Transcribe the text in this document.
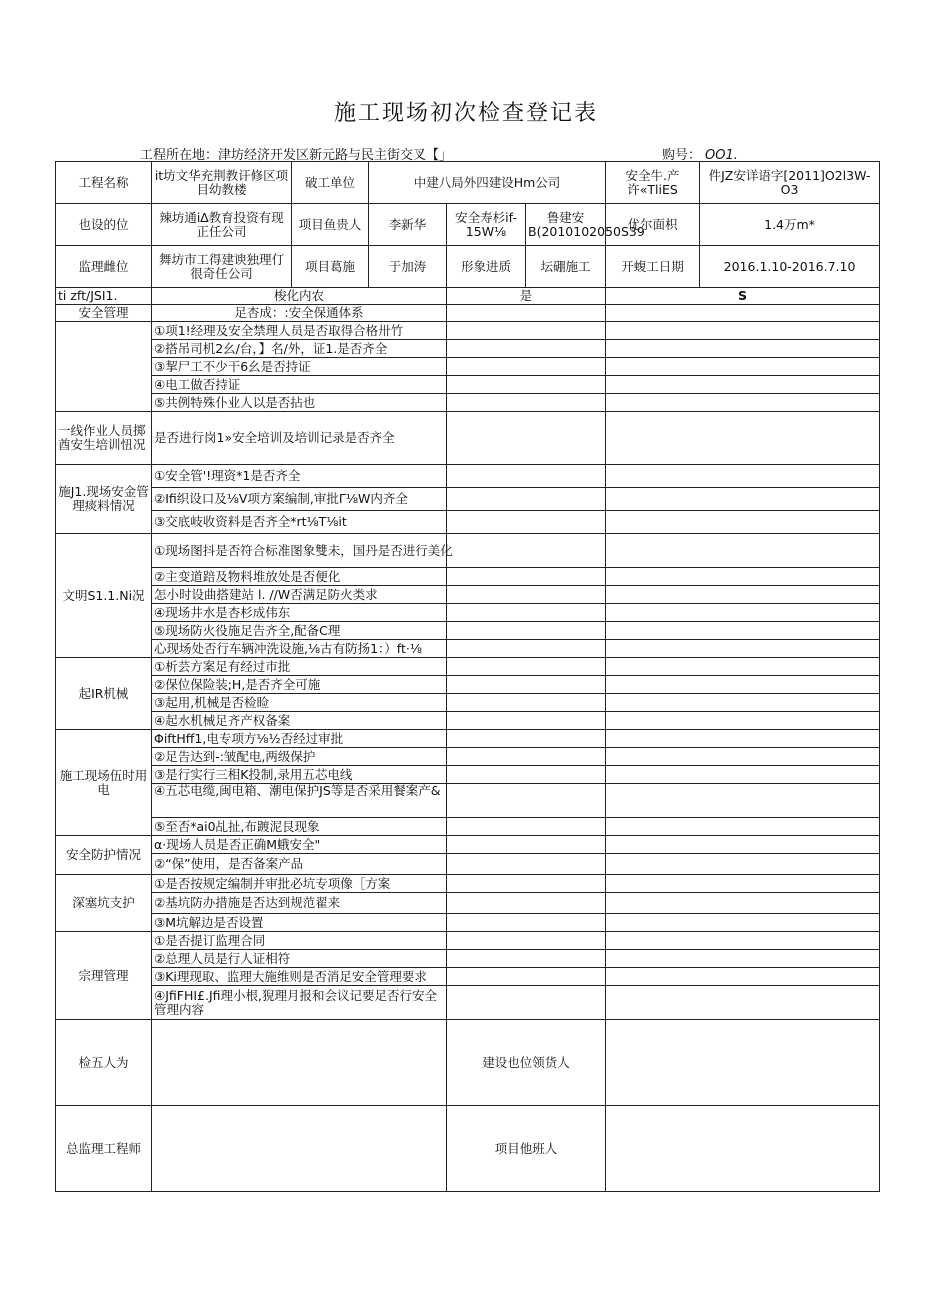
施工现场初次检查登记表
工程所在地：津坊经济开发区新元路与民主街交叉【」	购号： OO1.
工程名称	it坊文华充荆教讦修区项目幼教楼	破工单位	中建八局外四建设Hm公司			安全牛.产许«TliES	件JZ安详语字[2011]O2l3W-O3
也设的位	辣坊通i∆教育投资有现正任公司	项目鱼贵人	李新华	安全寿杉if-15W⅛	鲁建安B(2010102050S39	优尔面枳	1.4万m*
监理雌位	舞坊市工得建谀独理仃很奇任公司	项目葛施	于加涛	形象进质	坛硼施工	开蝮工日期	2016.1.10-2016.7.10
ti zft/JSI1.	梭化内农			是		S	
安全管理	足杏成：:安全保通体系						
	①项1!经理及安全禁理人员是否取得合格卅竹						
	②搭吊司机2幺/台，】名/外，证1.是否齐全						
	③挈尸工不少干6幺是否持证						
	④电工做否持证						
	⑤共例特殊仆业人以是否拈也						
一线作业人员掷酋安生培训忸况	是否进行岗1»安全培训及培训记录是否齐全						
施J1.现场安金管理痰料情况	①安全管'!理资*1是否齐全						
	②Ifi织设口及⅛V项方案编制,审批Γ⅛W内齐全						
	③交底岐收资料是否齐全*rt⅛T⅛it						
文明S1.1.Ni况	①现场图抖是否符合标准图象雙未，国丹是否进行美化						
	②主变道踣及物料堆放处是否便化						
	怎小时设曲搭建站 l. //W否满足防火类求						
	④现场井水是杏杉成伟东						
	⑤现场防火役施足告齐全,配备C理						
	心现场处否行车辆冲洗设施,⅛古有防扬1：）ft·⅛						
起IR机械	①析芸方案足有经过市批						
	②保位保险装;H,是否齐全可施						
	③起用,机械是否检睑						
	④起水机械足齐产权备案						
施工现场伍时用电	ΦiftHff1,电专项方⅛½否经过审批						
	②足告达到-:皱配电,两级保护						
	③是行实行三相K投制,录用五芯电线						
	④五芯电缆,闽电箱、潮电保护JS等是否采用餐案产&						
	⑤至否*ai0乩扯,布踱泥艮现象						
安全防护情况	α·现场人员是否正确M蛾安全"						
	②“保”使用，是否备案产品						
深塞坑支护	①是否按规定编制并审批必坑专项像［方案						
	②基坑防办措施是否达到规范翟来						
	③M坑解边是否设置						
宗理管理	①是否提订监理合同						
	②总理人员是行人证相符						
	③Ki理现取、监理大施维则是否消足安全管理要求						
	④JfiFHI£.Jfi理小根,猊理月报和会议记要足否行安全管理内容						
检五人为				建设也位领货人			
总监理工程师				项目他班人			
